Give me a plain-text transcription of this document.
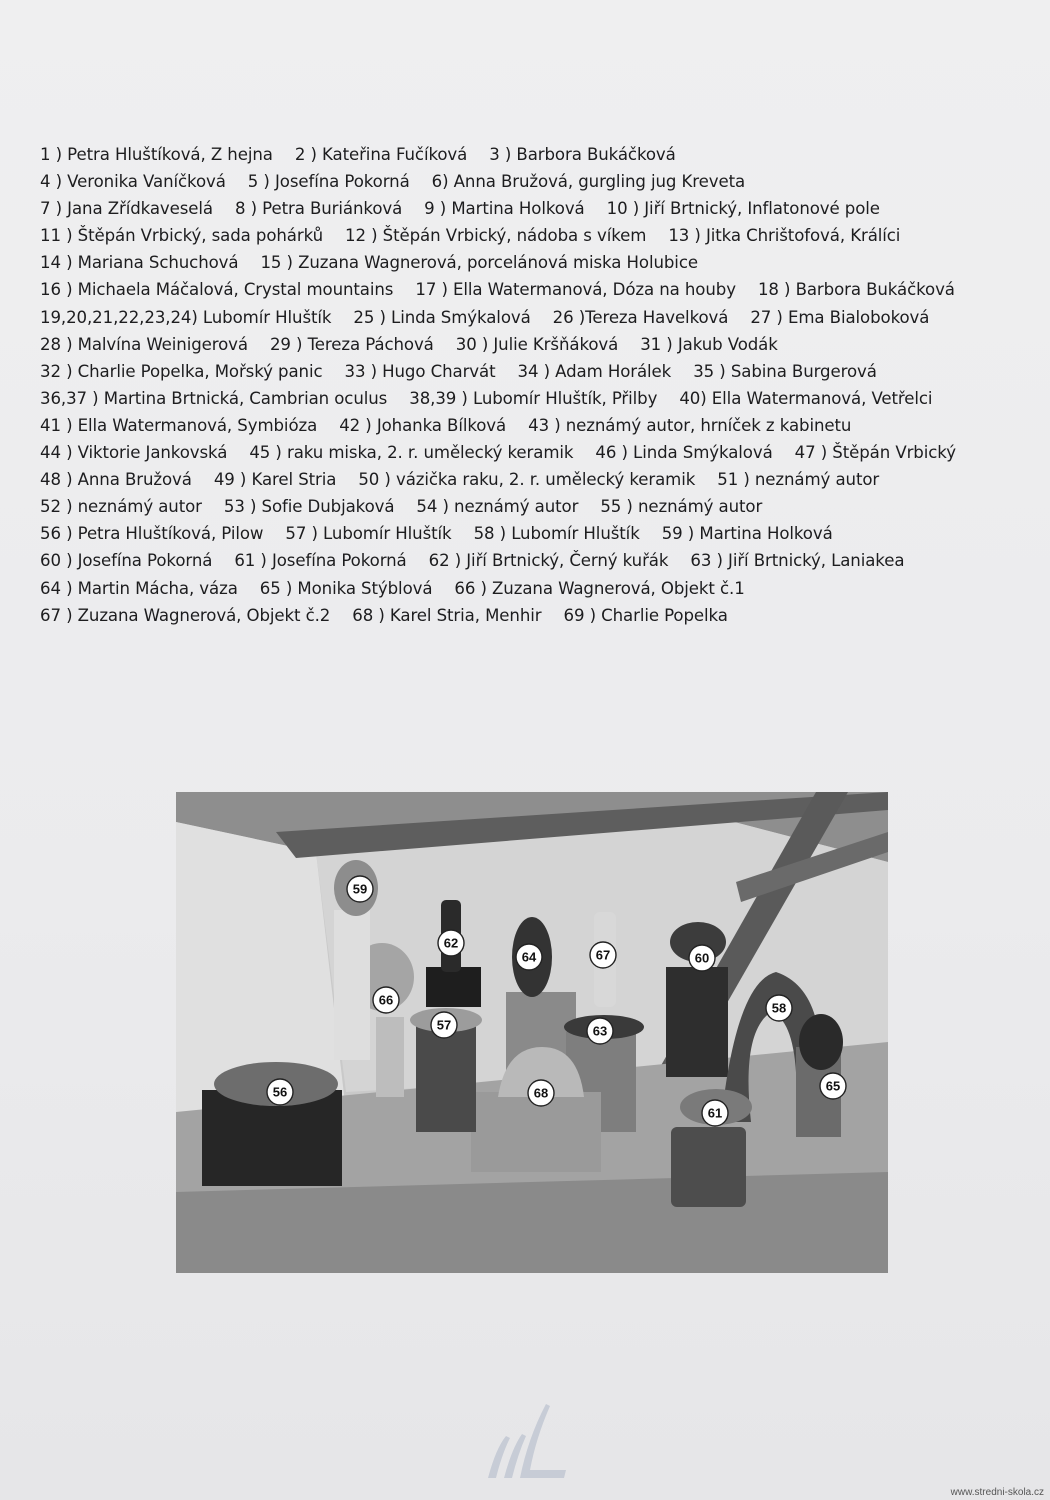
1 ) Petra Hluštíková, Z hejna 2 ) Kateřina Fučíková 3 ) Barbora Bukáčková
4 ) Veronika Vaníčková 5 ) Josefína Pokorná 6) Anna Bružová, gurgling jug Kreveta
7 ) Jana Zřídkaveselá 8 ) Petra Buriánková 9 ) Martina Holková 10 ) Jiří Brtnický, Inflatonové pole
11 ) Štěpán Vrbický, sada pohárků 12 ) Štěpán Vrbický, nádoba s víkem 13 ) Jitka Chrištofová, Králíci
14 ) Mariana Schuchová 15 ) Zuzana Wagnerová, porcelánová miska Holubice
16 ) Michaela Máčalová, Crystal mountains 17 ) Ella Watermanová, Dóza na houby 18 ) Barbora Bukáčková
19,20,21,22,23,24) Lubomír Hluštík 25 ) Linda Smýkalová 26 )Tereza Havelková 27 ) Ema Bialoboková
28 ) Malvína Weinigerová 29 ) Tereza Páchová 30 ) Julie Kršňáková 31 ) Jakub Vodák
32 ) Charlie Popelka, Mořský panic 33 ) Hugo Charvát 34 ) Adam Horálek 35 ) Sabina Burgerová
36,37 ) Martina Brtnická, Cambrian oculus 38,39 ) Lubomír Hluštík, Přilby 40) Ella Watermanová, Vetřelci
41 ) Ella Watermanová, Symbióza 42 ) Johanka Bílková 43 ) neznámý autor, hrníček z kabinetu
44 ) Viktorie Jankovská 45 ) raku miska, 2. r. umělecký keramik 46 ) Linda Smýkalová 47 ) Štěpán Vrbický
48 ) Anna Bružová 49 ) Karel Stria 50 ) vázička raku, 2. r. umělecký keramik 51 ) neznámý autor
52 ) neznámý autor 53 ) Sofie Dubjaková 54 ) neznámý autor 55 ) neznámý autor
56 ) Petra Hluštíková, Pilow 57 ) Lubomír Hluštík 58 ) Lubomír Hluštík 59 ) Martina Holková
60 ) Josefína Pokorná 61 ) Josefína Pokorná 62 ) Jiří Brtnický, Černý kuřák 63 ) Jiří Brtnický, Laniakea
64 ) Martin Mácha, váza 65 ) Monika Stýblová 66 ) Zuzana Wagnerová, Objekt č.1
67 ) Zuzana Wagnerová, Objekt č.2 68 ) Karel Stria, Menhir 69 ) Charlie Popelka
59
62
64	67	60
66
57	63
58
56	68
61
65
www.stredni-skola.cz
